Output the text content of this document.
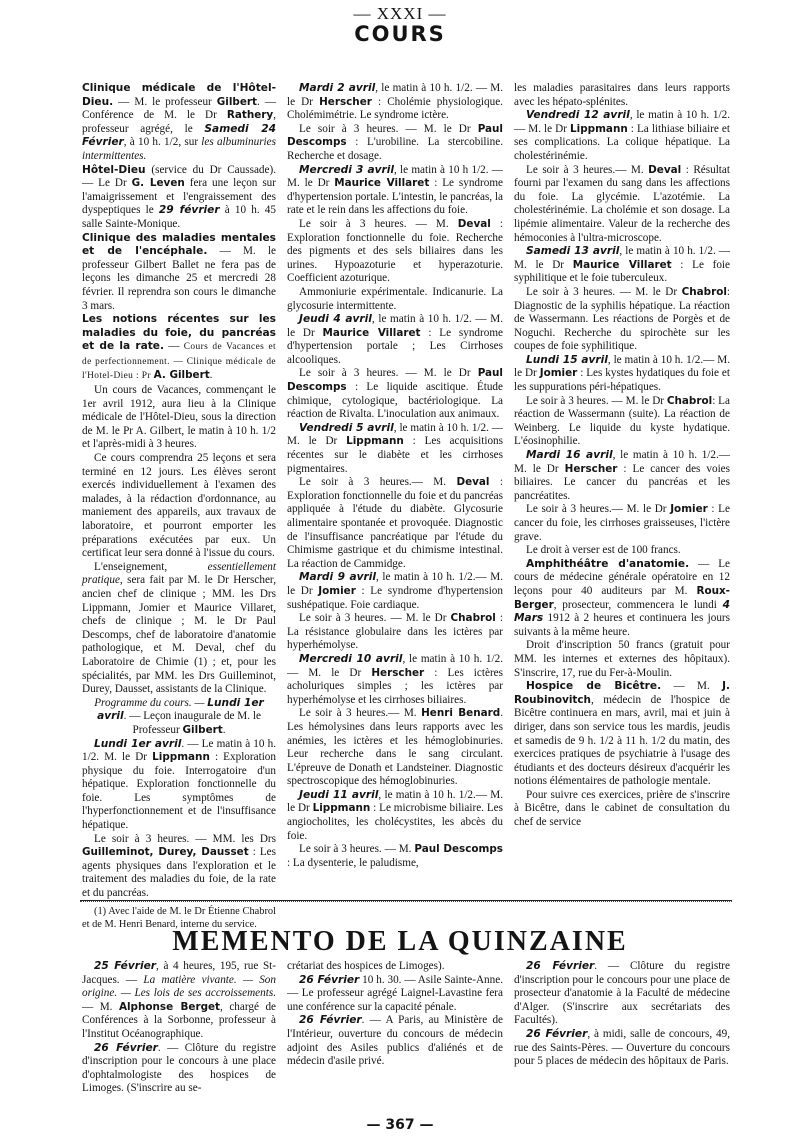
— XXXI —
COURS

Clinique médicale de l'Hôtel-Dieu. — M. le professeur Gilbert. — Conférence de M. le Dr Rathery, professeur agrégé, le Samedi 24 Février, à 10 h. 1/2, sur les albuminuries intermittentes.

Hôtel-Dieu (service du Dr Caussade). — Le Dr G. Leven fera une leçon sur l'amaigrissement et l'engraissement des dyspeptiques le 29 février à 10 h. 45 salle Sainte-Monique.

Clinique des maladies mentales et de l'encéphale. — M. le professeur Gilbert Ballet ne fera pas de leçons les dimanche 25 et mercredi 28 février. Il reprendra son cours le dimanche 3 mars.

Les notions récentes sur les maladies du foie, du pancréas et de la rate. — Cours de Vacances et de perfectionnement. — Clinique médicale de l'Hotel-Dieu : Pr A. Gilbert.

Un cours de Vacances, commençant le 1er avril 1912, aura lieu à la Clinique médicale de l'Hôtel-Dieu, sous la direction de M. le Pr A. Gilbert, le matin à 10 h. 1/2 et l'après-midi à 3 heures.

Ce cours comprendra 25 leçons et sera terminé en 12 jours. Les élèves seront exercés individuellement à l'examen des malades, à la rédaction d'ordonnance, au maniement des appareils, aux travaux de laboratoire, et pourront emporter les préparations exécutées par eux. Un certificat leur sera donné à l'issue du cours.

L'enseignement, essentiellement pratique, sera fait par M. le Dr Herscher, ancien chef de clinique ; MM. les Drs Lippmann, Jomier et Maurice Villaret, chefs de clinique ; M. le Dr Paul Descomps, chef de laboratoire d'anatomie pathologique, et M. Deval, chef du Laboratoire de Chimie (1) ; et, pour les spécialités, par MM. les Drs Guilleminot, Durey, Dausset, assistants de la Clinique.

Programme du cours. — Lundi 1er avril. — Leçon inaugurale de M. le Professeur Gilbert.

Lundi 1er avril. — Le matin à 10 h. 1/2. M. le Dr Lippmann : Exploration physique du foie. Interrogatoire d'un hépatique. Exploration fonctionnelle du foie. Les symptômes de l'hyperfonctionnement et de l'insuffisance hépatique.

Le soir à 3 heures. — MM. les Drs Guilleminot, Durey, Dausset : Les agents physiques dans l'exploration et le traitement des maladies du foie, de la rate et du pancréas.

(1) Avec l'aide de M. le Dr Étienne Chabrol et de M. Henri Benard, interne du service.

Mardi 2 avril, le matin à 10 h. 1/2. — M. le Dr Herscher : Cholémie physiologique. Cholémimétrie. Le syndrome ictère.

Le soir à 3 heures. — M. le Dr Paul Descomps : L'urobiline. La stercobiline. Recherche et dosage.

Mercredi 3 avril, le matin à 10 h 1/2. — M. le Dr Maurice Villaret : Le syndrome d'hypertension portale. L'intestin, le pancréas, la rate et le rein dans les affections du foie.

Le soir à 3 heures. — M. Deval : Exploration fonctionnelle du foie. Recherche des pigments et des sels biliaires dans les urines. Hypoazoturie et hyperazoturie. Coefficient azoturique.

Ammoniurie expérimentale. Indicanurie. La glycosurie intermittente.

Jeudi 4 avril, le matin à 10 h. 1/2. — M. le Dr Maurice Villaret : Le syndrome d'hypertension portale ; Les Cirrhoses alcooliques.

Le soir à 3 heures. — M. le Dr Paul Descomps : Le liquide ascitique. Étude chimique, cytologique, bactériologique. La réaction de Rivalta. L'inoculation aux animaux.

Vendredi 5 avril, le matin à 10 h. 1/2. — M. le Dr Lippmann : Les acquisitions récentes sur le diabète et les cirrhoses pigmentaires.

Le soir à 3 heures.— M. Deval : Exploration fonctionnelle du foie et du pancréas appliquée à l'étude du diabète. Glycosurie alimentaire spontanée et provoquée. Diagnostic de l'insuffisance pancréatique par l'étude du Chimisme gastrique et du chimisme intestinal. La réaction de Cammidge.

Mardi 9 avril, le matin à 10 h. 1/2.— M. le Dr Jomier : Le syndrome d'hypertension sushépatique. Foie cardiaque.

Le soir à 3 heures. — M. le Dr Chabrol : La résistance globulaire dans les ictères par hyperhémolyse.

Mercredi 10 avril, le matin à 10 h. 1/2. — M. le Dr Herscher : Les ictères acholuriques simples ; les ictères par hyperhémolyse et les cirrhoses biliaires.

Le soir à 3 heures.— M. Henri Benard. Les hémolysines dans leurs rapports avec les anémies, les ictères et les hémoglobinuries. Leur recherche dans le sang circulant. L'épreuve de Donath et Landsteiner. Diagnostic spectroscopique des hémoglobinuries.

Jeudi 11 avril, le matin à 10 h. 1/2.— M. le Dr Lippmann : Le microbisme biliaire. Les angiocholites, les cholécystites, les abcès du foie.

Le soir à 3 heures. — M. Paul Descomps : La dysenterie, le paludisme,

les maladies parasitaires dans leurs rapports avec les hépato-splénites.

Vendredi 12 avril, le matin à 10 h. 1/2. — M. le Dr Lippmann : La lithiase biliaire et ses complications. La colique hépatique. La cholestérinémie.

Le soir à 3 heures.— M. Deval : Résultat fourni par l'examen du sang dans les affections du foie. La glycémie. L'azotémie. La cholestérinémie. La cholémie et son dosage. La lipémie alimentaire. Valeur de la recherche des hémoconies à l'ultra-microscope.

Samedi 13 avril, le matin à 10 h. 1/2. — M. le Dr Maurice Villaret : Le foie syphilitique et le foie tuberculeux.

Le soir à 3 heures. — M. le Dr Chabrol: Diagnostic de la syphilis hépatique. La réaction de Wassermann. Les réactions de Porgès et de Noguchi. Recherche du spirochète sur les coupes de foie syphilitique.

Lundi 15 avril, le matin à 10 h. 1/2.— M. le Dr Jomier : Les kystes hydatiques du foie et les suppurations péri-hépatiques.

Le soir à 3 heures. — M. le Dr Chabrol: La réaction de Wassermann (suite). La réaction de Weinberg. Le liquide du kyste hydatique. L'éosinophilie.

Mardi 16 avril, le matin à 10 h. 1/2.— M. le Dr Herscher : Le cancer des voies biliaires. Le cancer du pancréas et les pancréatites.

Le soir à 3 heures.— M. le Dr Jomier : Le cancer du foie, les cirrhoses graisseuses, l'ictère grave.

Le droit à verser est de 100 francs.

Amphithéâtre d'anatomie. — Le cours de médecine générale opératoire en 12 leçons pour 40 auditeurs par M. Roux-Berger, prosecteur, commencera le lundi 4 Mars 1912 à 2 heures et continuera les jours suivants à la même heure.

Droit d'inscription 50 francs (gratuit pour MM. les internes et externes des hôpitaux). S'inscrire, 17, rue du Fer-à-Moulin.

Hospice de Bicêtre. — M. J. Roubinovitch, médecin de l'hospice de Bicêtre continuera en mars, avril, mai et juin à diriger, dans son service tous les mardis, jeudis et samedis de 9 h. 1/2 à 11 h. 1/2 du matin, des exercices pratiques de psychiatrie à l'usage des étudiants et des docteurs désireux d'acquérir les notions élémentaires de pathologie mentale.

Pour suivre ces exercices, prière de s'inscrire à Bicêtre, dans le cabinet de consultation du chef de service

MEMENTO DE LA QUINZAINE

25 Février, à 4 heures, 195, rue St-Jacques. — La matière vivante. — Son origine. — Les lois de ses accroissements. — M. Alphonse Berget, chargé de Conférences à la Sorbonne, professeur à l'Institut Océanographique.

26 Février. — Clôture du registre d'inscription pour le concours à une place d'ophtalmologiste des hospices de Limoges. (S'inscrire au se-

crétariat des hospices de Limoges).

26 Février 10 h. 30. — Asile Sainte-Anne. — Le professeur agrégé Laignel-Lavastine fera une conférence sur la capacité pénale.

26 Février. — A Paris, au Ministère de l'Intérieur, ouverture du concours de médecin adjoint des Asiles publics d'aliénés et de médecin d'asile privé.

26 Février. — Clôture du registre d'inscription pour le concours pour une place de prosecteur d'anatomie à la Faculté de médecine d'Alger. (S'inscrire aux secrétariats des Facultés).

26 Février, à midi, salle de concours, 49, rue des Saints-Pères. — Ouverture du concours pour 5 places de médecin des hôpitaux de Paris.

— 367 —
